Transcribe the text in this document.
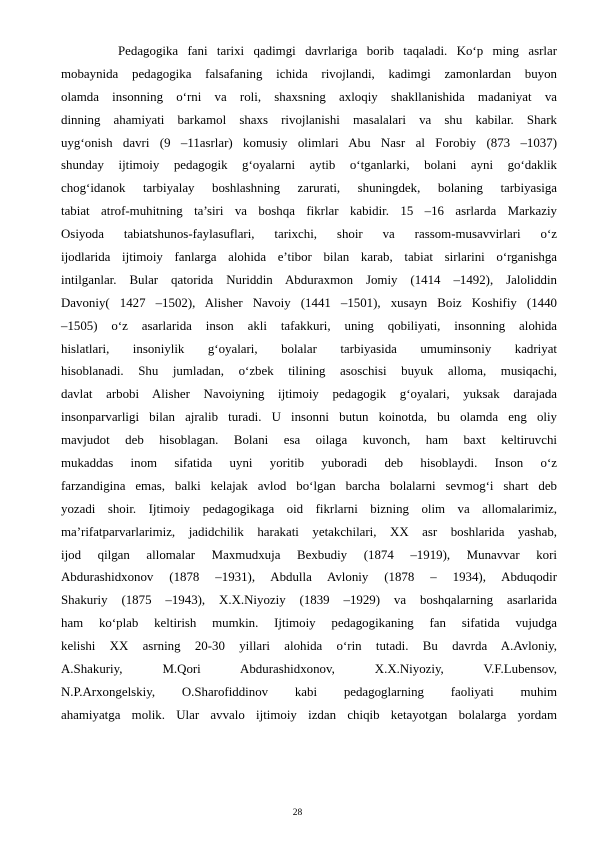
Pedagogika fani tarixi qadimgi davrlariga borib taqaladi. Ko‘p ming asrlar
mobaynida pedagogika falsafaning ichida rivojlandi, kadimgi zamonlardan buyon
olamda insonning o‘rni va roli, shaxsning axloqiy shakllanishida madaniyat va
dinning ahamiyati barkamol shaxs rivojlanishi masalalari va shu kabilar. Shark
uyg‘onish davri (9 –11asrlar) komusiy olimlari Abu Nasr al Forobiy (873 –1037)
shunday ijtimoiy pedagogik g‘oyalarni aytib o‘tganlarki, bolani ayni go‘daklik
chog‘idanok tarbiyalay boshlashning zarurati, shuningdek, bolaning tarbiyasiga
tabiat atrof-muhitning ta’siri va boshqa fikrlar kabidir. 15 –16 asrlarda Markaziy
Osiyoda tabiatshunos-faylasuflari, tarixchi, shoir va rassom-musavvirlari o‘z
ijodlarida ijtimoiy fanlarga alohida e’tibor bilan karab, tabiat sirlarini o‘rganishga
intilganlar. Bular qatorida Nuriddin Abduraxmon Jomiy (1414 –1492), Jaloliddin
Davoniy( 1427 –1502), Alisher Navoiy (1441 –1501), xusayn Boiz Koshifiy (1440
–1505) o‘z asarlarida inson akli tafakkuri, uning qobiliyati, insonning alohida
hislatlari, insoniylik g‘oyalari, bolalar tarbiyasida umuminsoniy kadriyat
hisoblanadi. Shu jumladan, o‘zbek tilining asoschisi buyuk alloma, musiqachi,
davlat arbobi Alisher Navoiyning ijtimoiy pedagogik g‘oyalari, yuksak darajada
insonparvarligi bilan ajralib turadi. U insonni butun koinotda, bu olamda eng oliy
mavjudot deb hisoblagan. Bolani esa oilaga kuvonch, ham baxt keltiruvchi
mukaddas inom sifatida uyni yoritib yuboradi deb hisoblaydi. Inson o‘z
farzandigina emas, balki kelajak avlod bo‘lgan barcha bolalarni sevmog‘i shart deb
yozadi shoir. Ijtimoiy pedagogikaga oid fikrlarni bizning olim va allomalarimiz,
ma’rifatparvarlarimiz, jadidchilik harakati yetakchilari, XX asr boshlarida yashab,
ijod qilgan allomalar Maxmudxuja Bexbudiy (1874 –1919), Munavvar kori
Abdurashidxonov (1878 –1931), Abdulla Avloniy (1878 – 1934), Abduqodir
Shakuriy (1875 –1943), X.X.Niyoziy (1839 –1929) va boshqalarning asarlarida
ham ko‘plab keltirish mumkin. Ijtimoiy pedagogikaning fan sifatida vujudga
kelishi XX asrning 20-30 yillari alohida o‘rin tutadi. Bu davrda A.Avloniy,
A.Shakuriy, M.Qori Abdurashidxonov, X.X.Niyoziy, V.F.Lubensov,
N.P.Arxongelskiy, O.Sharofiddinov kabi pedagoglarning faoliyati muhim
ahamiyatga molik. Ular avvalo ijtimoiy izdan chiqib ketayotgan bolalarga yordam
28
